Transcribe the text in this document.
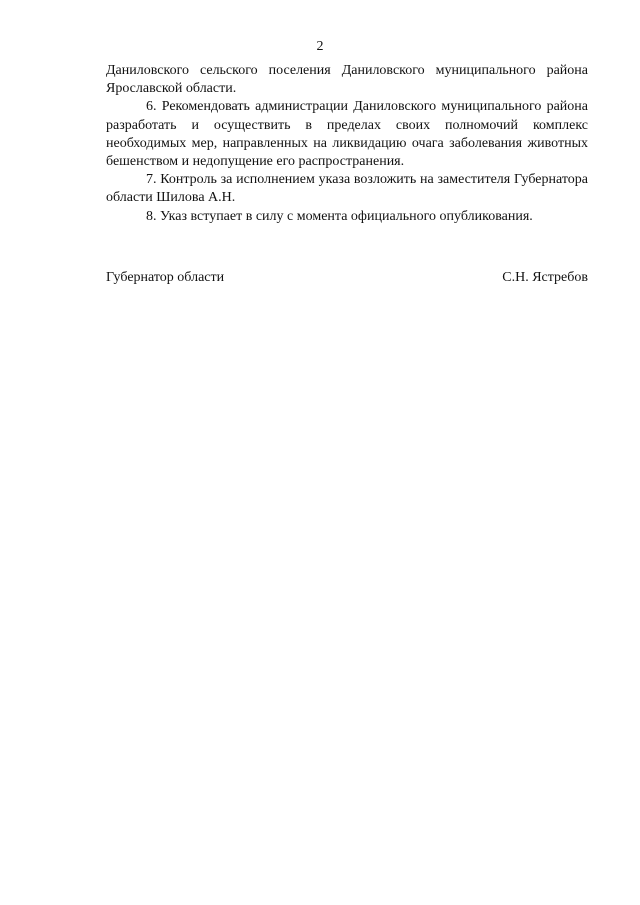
2

Даниловского сельского поселения Даниловского муниципального района Ярославской области.

6. Рекомендовать администрации Даниловского муниципального района разработать и осуществить в пределах своих полномочий комплекс необходимых мер, направленных на ликвидацию очага заболевания животных бешенством и недопущение его распространения.

7. Контроль за исполнением указа возложить на заместителя Губернатора области Шилова А.Н.

8. Указ вступает в силу с момента официального опубликования.

Губернатор области	С.Н. Ястребов
